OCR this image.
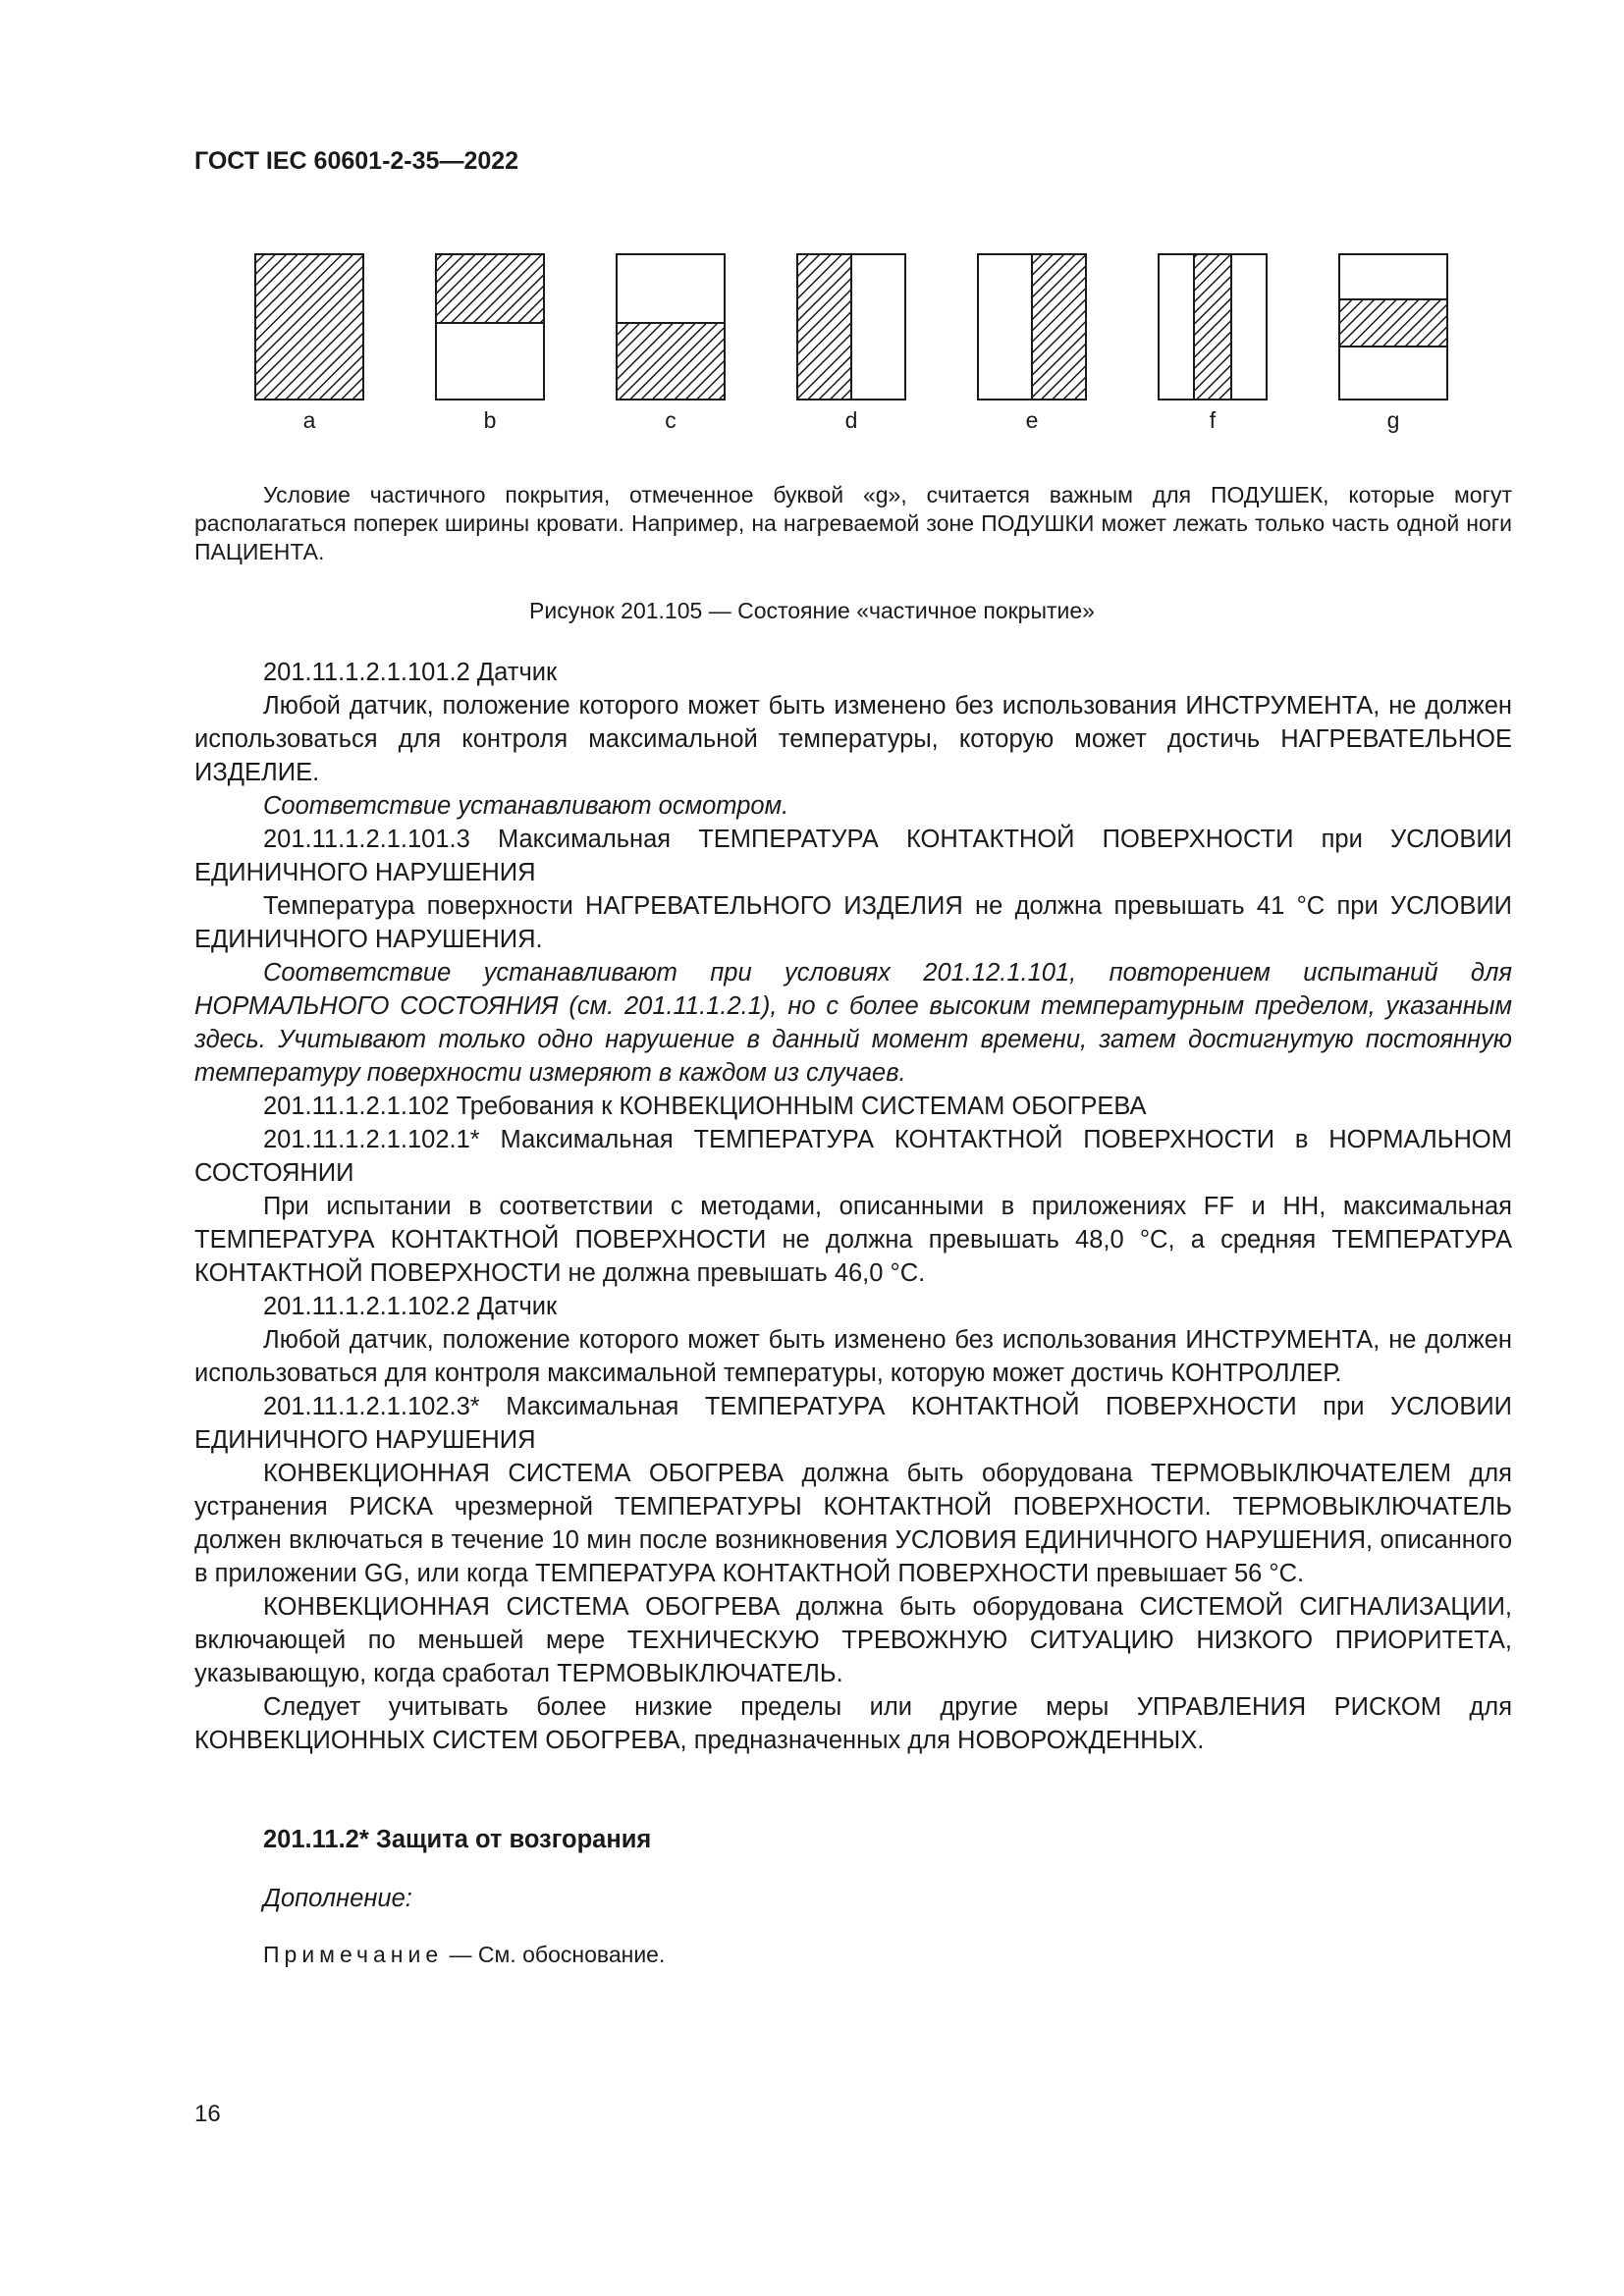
ГОСТ IEC 60601-2-35—2022
a	b	c	d	e	f	g
Условие частичного покрытия, отмеченное буквой «g», считается важным для ПОДУШЕК, которые могут располагаться поперек ширины кровати. Например, на нагреваемой зоне ПОДУШКИ может лежать только часть одной ноги ПАЦИЕНТА.
Рисунок 201.105 — Состояние «частичное покрытие»

201.11.1.2.1.101.2 Датчик

Любой датчик, положение которого может быть изменено без использования ИНСТРУМЕНТА, не должен использоваться для контроля максимальной температуры, которую может достичь НАГРЕВАТЕЛЬНОЕ ИЗДЕЛИЕ.

Соответствие устанавливают осмотром.

201.11.1.2.1.101.3 Максимальная ТЕМПЕРАТУРА КОНТАКТНОЙ ПОВЕРХНОСТИ при УСЛОВИИ ЕДИНИЧНОГО НАРУШЕНИЯ

Температура поверхности НАГРЕВАТЕЛЬНОГО ИЗДЕЛИЯ не должна превышать 41 °С при УСЛОВИИ ЕДИНИЧНОГО НАРУШЕНИЯ.

Соответствие устанавливают при условиях 201.12.1.101, повторением испытаний для НОРМАЛЬНОГО СОСТОЯНИЯ (см. 201.11.1.2.1), но с более высоким температурным пределом, указанным здесь. Учитывают только одно нарушение в данный момент времени, затем достигнутую постоянную температуру поверхности измеряют в каждом из случаев.

201.11.1.2.1.102 Требования к КОНВЕКЦИОННЫМ СИСТЕМАМ ОБОГРЕВА

201.11.1.2.1.102.1* Максимальная ТЕМПЕРАТУРА КОНТАКТНОЙ ПОВЕРХНОСТИ в НОРМАЛЬНОМ СОСТОЯНИИ

При испытании в соответствии с методами, описанными в приложениях FF и HH, максимальная ТЕМПЕРАТУРА КОНТАКТНОЙ ПОВЕРХНОСТИ не должна превышать 48,0 °С, а средняя ТЕМПЕРАТУРА КОНТАКТНОЙ ПОВЕРХНОСТИ не должна превышать 46,0 °С.

201.11.1.2.1.102.2 Датчик

Любой датчик, положение которого может быть изменено без использования ИНСТРУМЕНТА, не должен использоваться для контроля максимальной температуры, которую может достичь КОНТРОЛЛЕР.

201.11.1.2.1.102.3* Максимальная ТЕМПЕРАТУРА КОНТАКТНОЙ ПОВЕРХНОСТИ при УСЛОВИИ ЕДИНИЧНОГО НАРУШЕНИЯ

КОНВЕКЦИОННАЯ СИСТЕМА ОБОГРЕВА должна быть оборудована ТЕРМОВЫКЛЮЧАТЕЛЕМ для устранения РИСКА чрезмерной ТЕМПЕРАТУРЫ КОНТАКТНОЙ ПОВЕРХНОСТИ. ТЕРМОВЫКЛЮЧАТЕЛЬ должен включаться в течение 10 мин после возникновения УСЛОВИЯ ЕДИНИЧНОГО НАРУШЕНИЯ, описанного в приложении GG, или когда ТЕМПЕРАТУРА КОНТАКТНОЙ ПОВЕРХНОСТИ превышает 56 °С.

КОНВЕКЦИОННАЯ СИСТЕМА ОБОГРЕВА должна быть оборудована СИСТЕМОЙ СИГНАЛИЗАЦИИ, включающей по меньшей мере ТЕХНИЧЕСКУЮ ТРЕВОЖНУЮ СИТУАЦИЮ НИЗКОГО ПРИОРИТЕТА, указывающую, когда сработал ТЕРМОВЫКЛЮЧАТЕЛЬ.

Следует учитывать более низкие пределы или другие меры УПРАВЛЕНИЯ РИСКОМ для КОНВЕКЦИОННЫХ СИСТЕМ ОБОГРЕВА, предназначенных для НОВОРОЖДЕННЫХ.

201.11.2* Защита от возгорания
Дополнение:
Примечание — См. обоснование.
16
